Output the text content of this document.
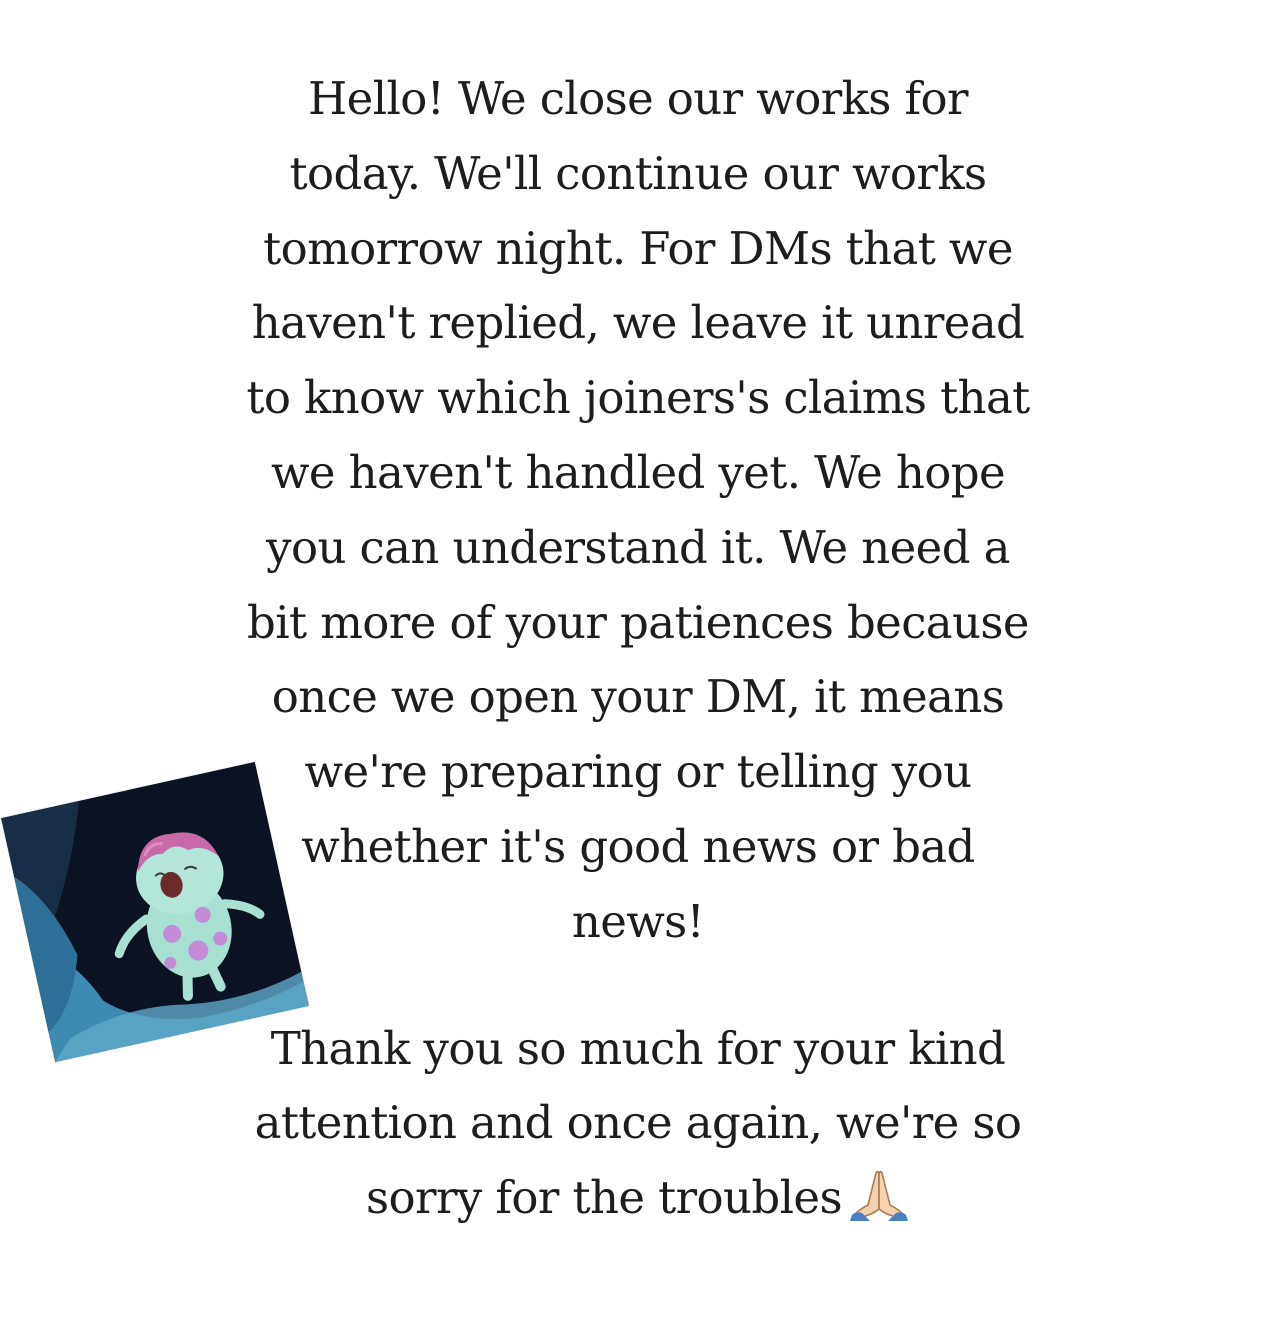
Hello! We close our works for
today. We'll continue our works
tomorrow night. For DMs that we
haven't replied, we leave it unread
to know which joiners's claims that
we haven't handled yet. We hope
you can understand it. We need a
bit more of your patiences because
once we open your DM, it means
we're preparing or telling you
whether it's good news or bad
news!

Thank you so much for your kind
attention and once again, we're so
sorry for the troubles
